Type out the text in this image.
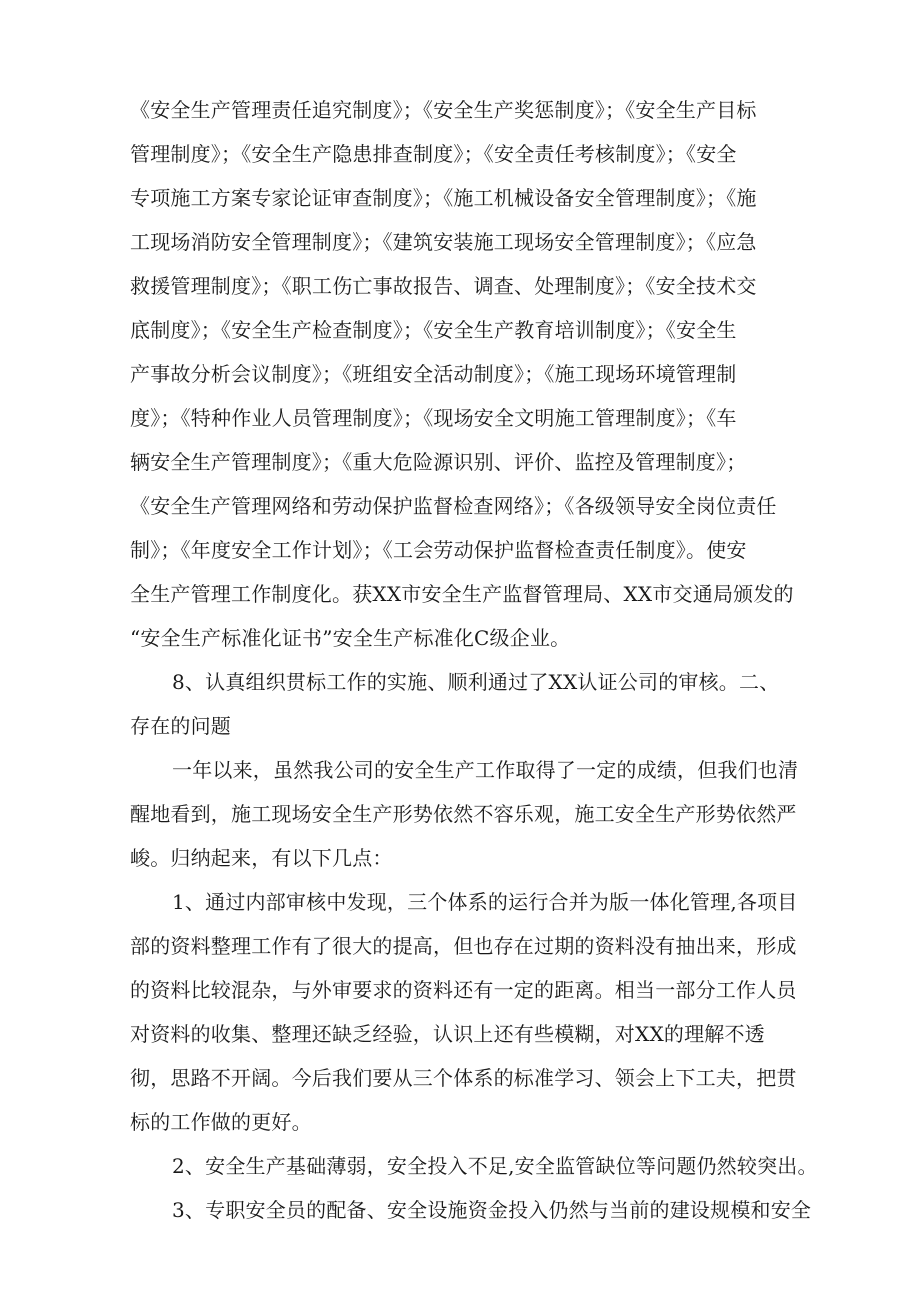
《安全生产管理责任追究制度》；《安全生产奖惩制度》；《安全生产目标
管理制度》；《安全生产隐患排查制度》；《安全责任考核制度》；《安全
专项施工方案专家论证审查制度》；《施工机械设备安全管理制度》；《施
工现场消防安全管理制度》；《建筑安装施工现场安全管理制度》；《应急
救援管理制度》；《职工伤亡事故报告、调查、处理制度》；《安全技术交
底制度》；《安全生产检查制度》；《安全生产教育培训制度》；《安全生
产事故分析会议制度》；《班组安全活动制度》；《施工现场环境管理制
度》；《特种作业人员管理制度》；《现场安全文明施工管理制度》；《车
辆安全生产管理制度》；《重大危险源识别、评价、监控及管理制度》；
《安全生产管理网络和劳动保护监督检查网络》；《各级领导安全岗位责任
制》；《年度安全工作计划》；《工会劳动保护监督检查责任制度》。使安
全生产管理工作制度化。获XX市安全生产监督管理局、XX市交通局颁发的
“安全生产标准化证书”安全生产标准化C级企业。
8、认真组织贯标工作的实施、顺利通过了XX认证公司的审核。二、
存在的问题
一年以来，虽然我公司的安全生产工作取得了一定的成绩，但我们也清
醒地看到，施工现场安全生产形势依然不容乐观，施工安全生产形势依然严
峻。归纳起来，有以下几点：
1、通过内部审核中发现，三个体系的运行合并为版一体化管理,各项目
部的资料整理工作有了很大的提高，但也存在过期的资料没有抽出来，形成
的资料比较混杂，与外审要求的资料还有一定的距离。相当一部分工作人员
对资料的收集、整理还缺乏经验，认识上还有些模糊，对XX的理解不透
彻，思路不开阔。今后我们要从三个体系的标准学习、领会上下工夫，把贯
标的工作做的更好。
2、安全生产基础薄弱，安全投入不足,安全监管缺位等问题仍然较突出。
3、专职安全员的配备、安全设施资金投入仍然与当前的建设规模和安全
